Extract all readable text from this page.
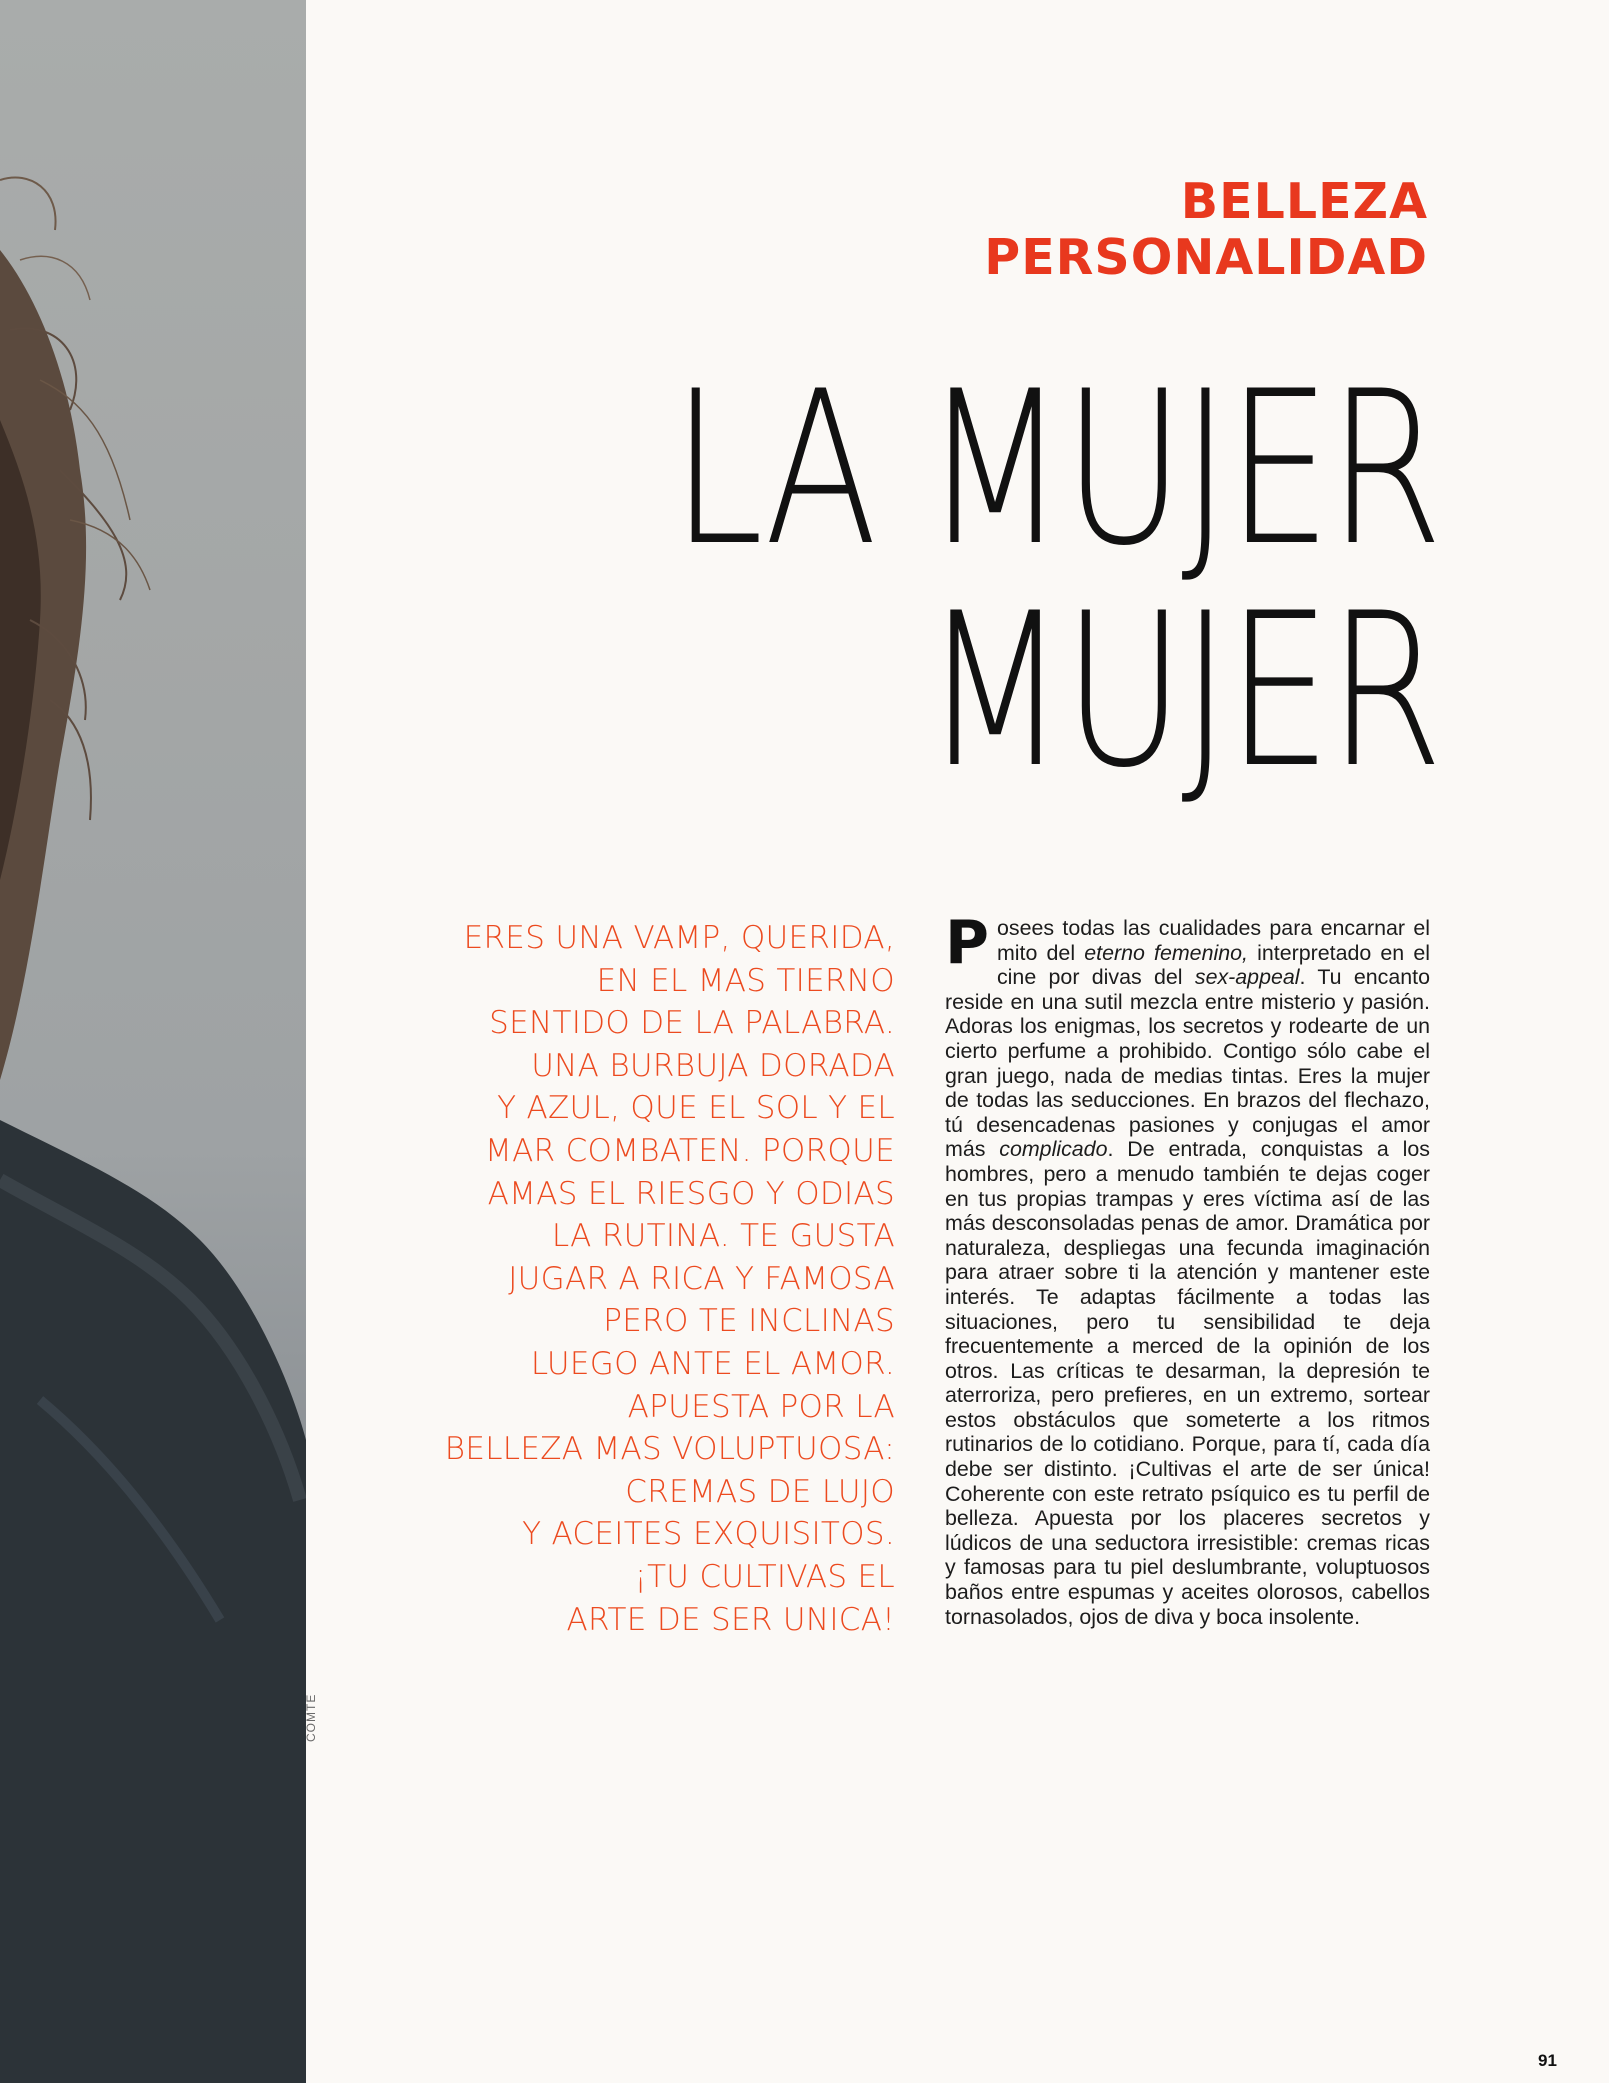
COMTE
BELLEZA
PERSONALIDAD
LA MUJER
MUJER
ERES UNA VAMP, QUERIDA,
EN EL MAS TIERNO
SENTIDO DE LA PALABRA.
UNA BURBUJA DORADA
Y AZUL, QUE EL SOL Y EL
MAR COMBATEN. PORQUE
AMAS EL RIESGO Y ODIAS
LA RUTINA. TE GUSTA
JUGAR A RICA Y FAMOSA
PERO TE INCLINAS
LUEGO ANTE EL AMOR.
APUESTA POR LA
BELLEZA MAS VOLUPTUOSA:
CREMAS DE LUJO
Y ACEITES EXQUISITOS.
¡TU CULTIVAS EL
ARTE DE SER UNICA!
Posees todas las cualidades para encarnar el mito del eterno femenino, interpretado en el cine por divas del sex-appeal. Tu encanto reside en una sutil mezcla entre misterio y pasión. Adoras los enigmas, los secretos y rodearte de un cierto perfume a prohibido. Contigo sólo cabe el gran juego, nada de medias tintas. Eres la mujer de todas las seducciones. En brazos del flechazo, tú desencadenas pasiones y conjugas el amor más complicado. De entrada, conquistas a los hombres, pero a menudo también te dejas coger en tus propias trampas y eres víctima así de las más desconsoladas penas de amor. Dramática por naturaleza, despliegas una fecunda imaginación para atraer sobre ti la atención y mantener este interés. Te adaptas fácilmente a todas las situaciones, pero tu sensibilidad te deja frecuentemente a merced de la opinión de los otros. Las críticas te desarman, la depresión te aterroriza, pero prefieres, en un extremo, sortear estos obstáculos que someterte a los ritmos rutinarios de lo cotidiano. Porque, para tí, cada día debe ser distinto. ¡Cultivas el arte de ser única! Coherente con este retrato psíquico es tu perfil de belleza. Apuesta por los placeres secretos y lúdicos de una seductora irresistible: cremas ricas y famosas para tu piel deslumbrante, voluptuosos baños entre espumas y aceites olorosos, cabellos tornasolados, ojos de diva y boca insolente.
91
